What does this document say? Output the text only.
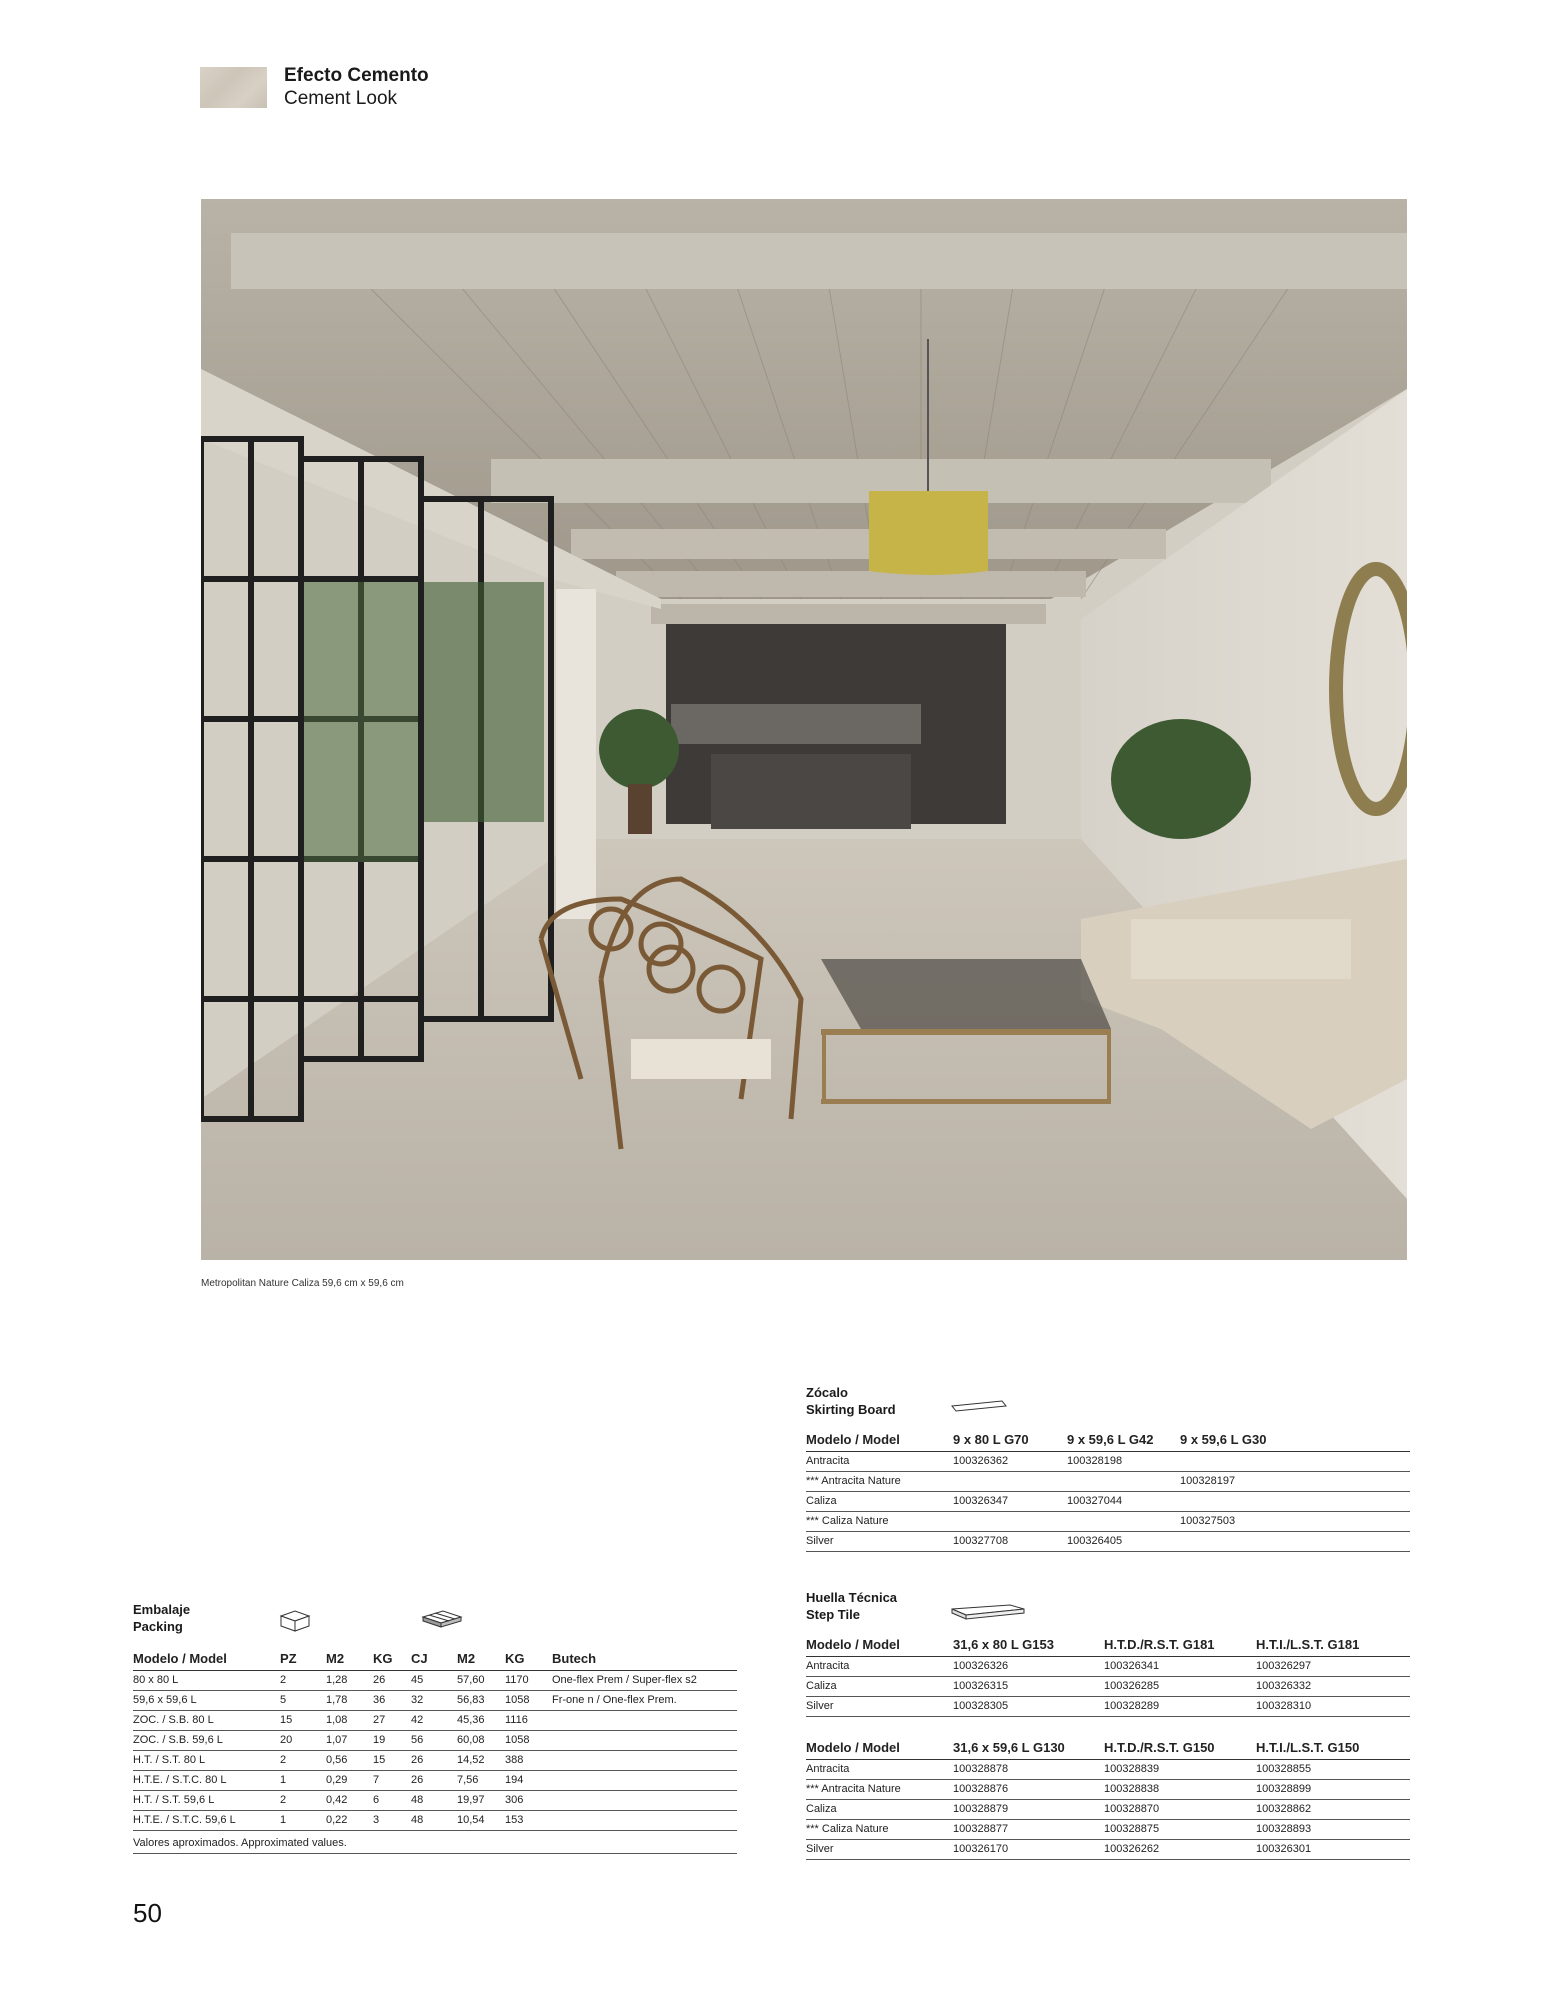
Efecto Cemento
Cement Look
Metropolitan Nature Caliza 59,6 cm x 59,6 cm
Zócalo
Skirting Board
Modelo / Model	9 x 80 L G70	9 x 59,6 L G42	9 x 59,6 L G30
Antracita	100326362	100328198	
*** Antracita Nature			100328197
Caliza	100326347	100327044	
*** Caliza Nature			100327503
Silver	100327708	100326405	
Huella Técnica
Step Tile
Modelo / Model	31,6 x 80 L G153	H.T.D./R.S.T. G181	H.T.I./L.S.T. G181
Antracita	100326326	100326341	100326297
Caliza	100326315	100326285	100326332
Silver	100328305	100328289	100328310

Modelo / Model	31,6 x 59,6 L G130	H.T.D./R.S.T. G150	H.T.I./L.S.T. G150
Antracita	100328878	100328839	100328855
*** Antracita Nature	100328876	100328838	100328899
Caliza	100328879	100328870	100328862
*** Caliza Nature	100328877	100328875	100328893
Silver	100326170	100326262	100326301
Embalaje
Packing
Modelo / Model	PZ	M2	KG	CJ	M2	KG	Butech
80 x 80 L	2	1,28	26	45	57,60	1170	One-flex Prem / Super-flex s2
59,6 x 59,6 L	5	1,78	36	32	56,83	1058	Fr-one n / One-flex Prem.
ZOC. / S.B. 80 L	15	1,08	27	42	45,36	1116	
ZOC. / S.B. 59,6 L	20	1,07	19	56	60,08	1058	
H.T. / S.T. 80 L	2	0,56	15	26	14,52	388	
H.T.E. / S.T.C. 80 L	1	0,29	7	26	7,56	194	
H.T. / S.T. 59,6 L	2	0,42	6	48	19,97	306	
H.T.E. / S.T.C. 59,6 L	1	0,22	3	48	10,54	153	
Valores aproximados. Approximated values.
50
